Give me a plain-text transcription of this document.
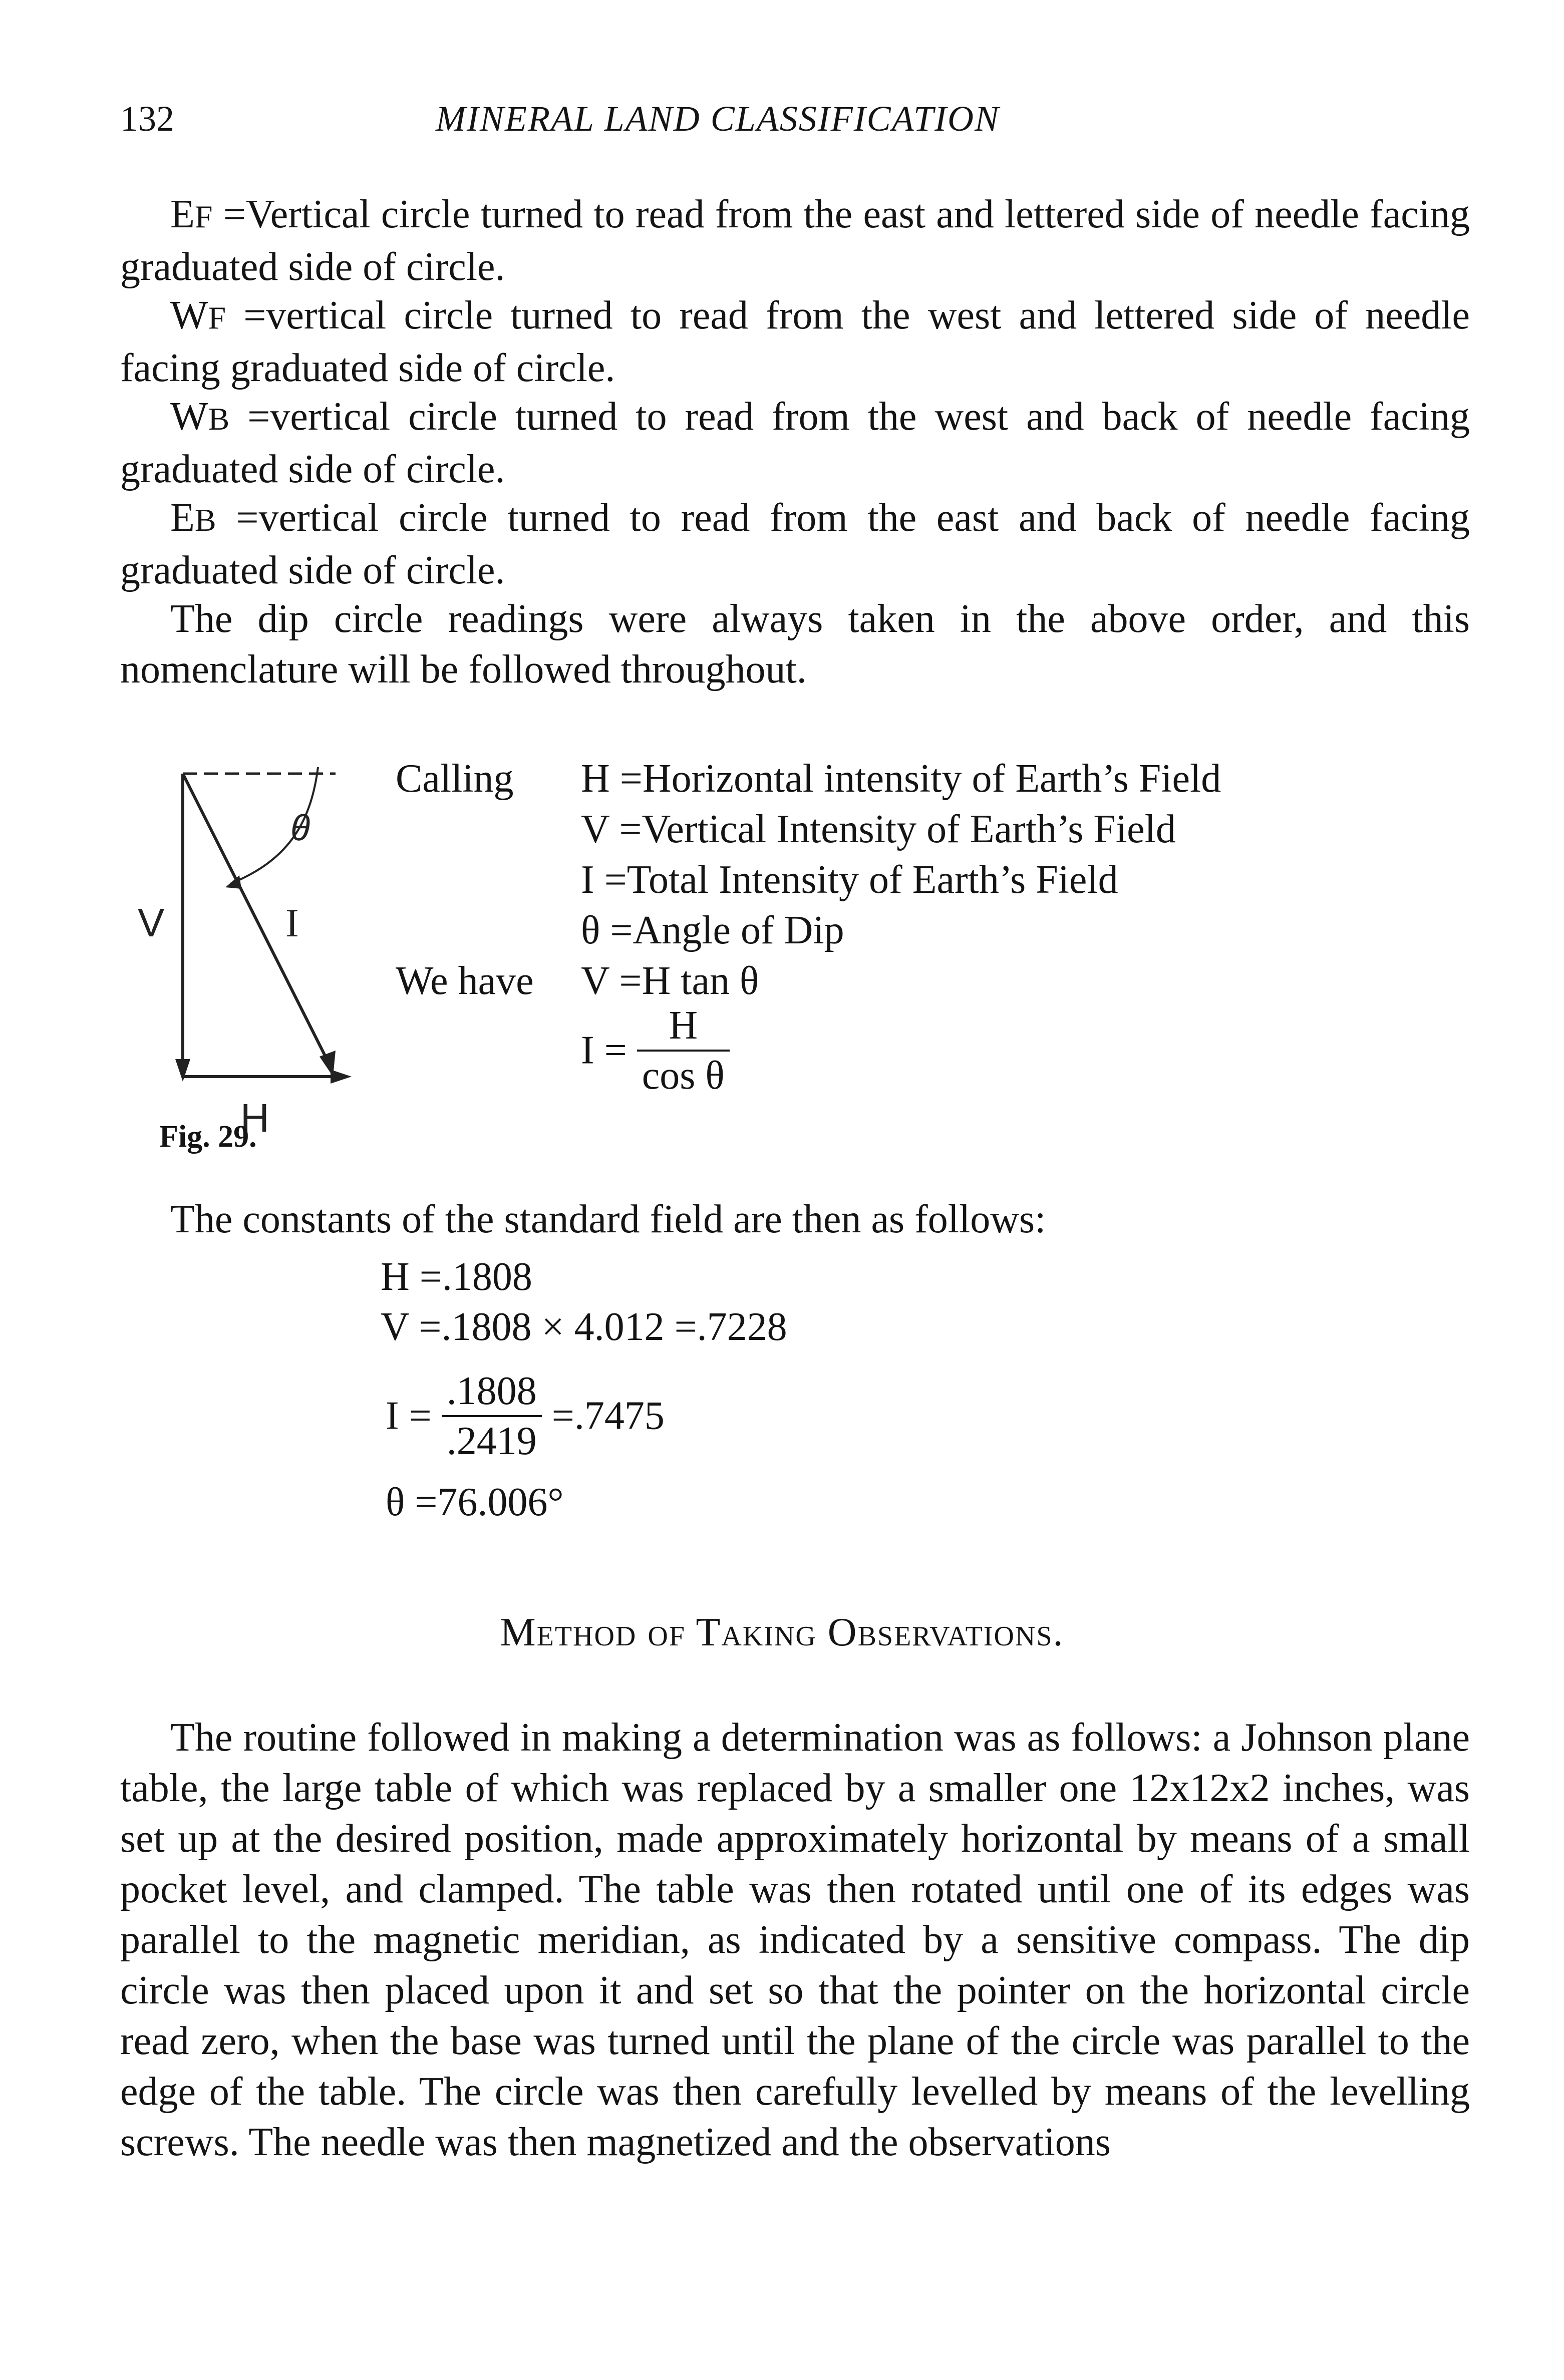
132	MINERAL LAND CLASSIFICATION

EF =Vertical circle turned to read from the east and lettered side of needle facing graduated side of circle.

WF =vertical circle turned to read from the west and lettered side of needle facing graduated side of circle.

WB =vertical circle turned to read from the west and back of needle facing graduated side of circle.

EB =vertical circle turned to read from the east and back of needle facing graduated side of circle.

The dip circle readings were always taken in the above order, and this nomenclature will be followed throughout.

θ
V	I
H
Fig. 29.
Calling H =Horizontal intensity of Earth’s Field
V =Vertical Intensity of Earth’s Field
I =Total Intensity of Earth’s Field
θ =Angle of Dip
We have V =H tan θ
$I = \frac{H}{\text{cos θ}}$

The constants of the standard field are then as follows:

H =.1808
V =.1808 × 4.012 =.7228
$I = \frac{.1808}{.2419} =.7475$
θ =76.006°
Method of Taking Observations.

The routine followed in making a determination was as follows: a Johnson plane table, the large table of which was replaced by a smaller one 12x12x2 inches, was set up at the desired position, made approximately horizontal by means of a small pocket level, and clamped. The table was then rotated until one of its edges was parallel to the magnetic meridian, as indicated by a sensitive compass. The dip circle was then placed upon it and set so that the pointer on the horizontal circle read zero, when the base was turned until the plane of the circle was parallel to the edge of the table. The circle was then carefully levelled by means of the levelling screws. The needle was then magnetized and the observations
